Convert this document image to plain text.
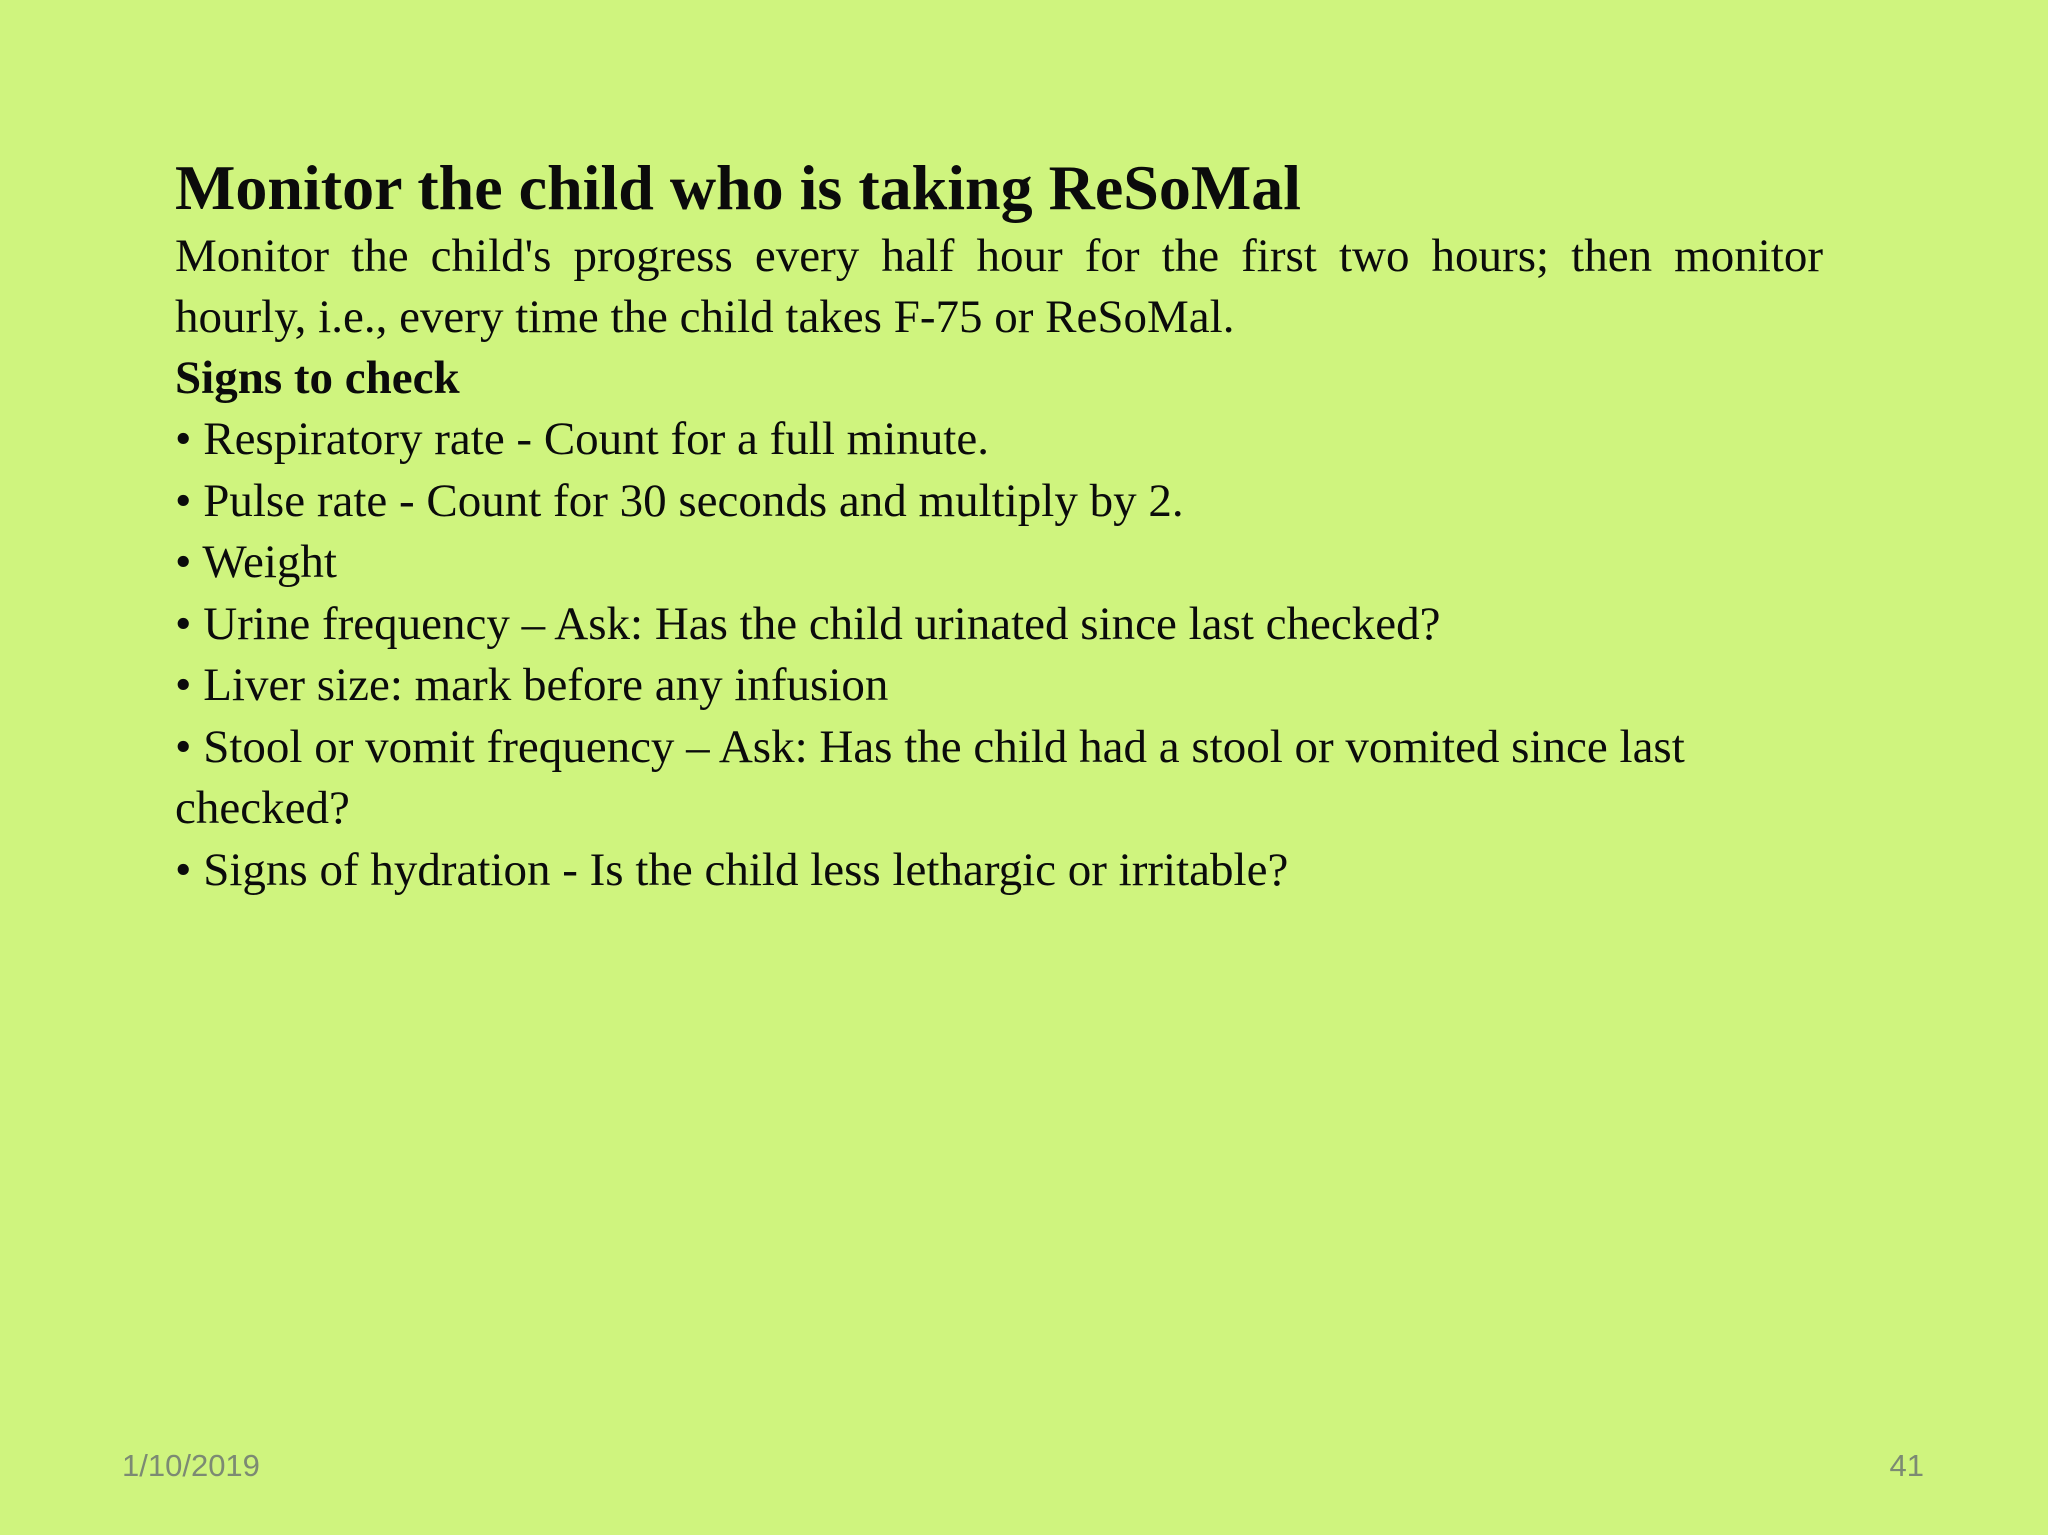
Monitor the child who is taking ReSoMal

Monitor the child's progress every half hour for the first two hours; then monitor hourly, i.e., every time the child takes F-75 or ReSoMal.

Signs to check

• Respiratory rate - Count for a full minute.
• Pulse rate - Count for 30 seconds and multiply by 2.
• Weight
• Urine frequency – Ask: Has the child urinated since last checked?
• Liver size: mark before any infusion
• Stool or vomit frequency – Ask: Has the child had a stool or vomited since last checked?
• Signs of hydration - Is the child less lethargic or irritable?
1/10/2019	41
